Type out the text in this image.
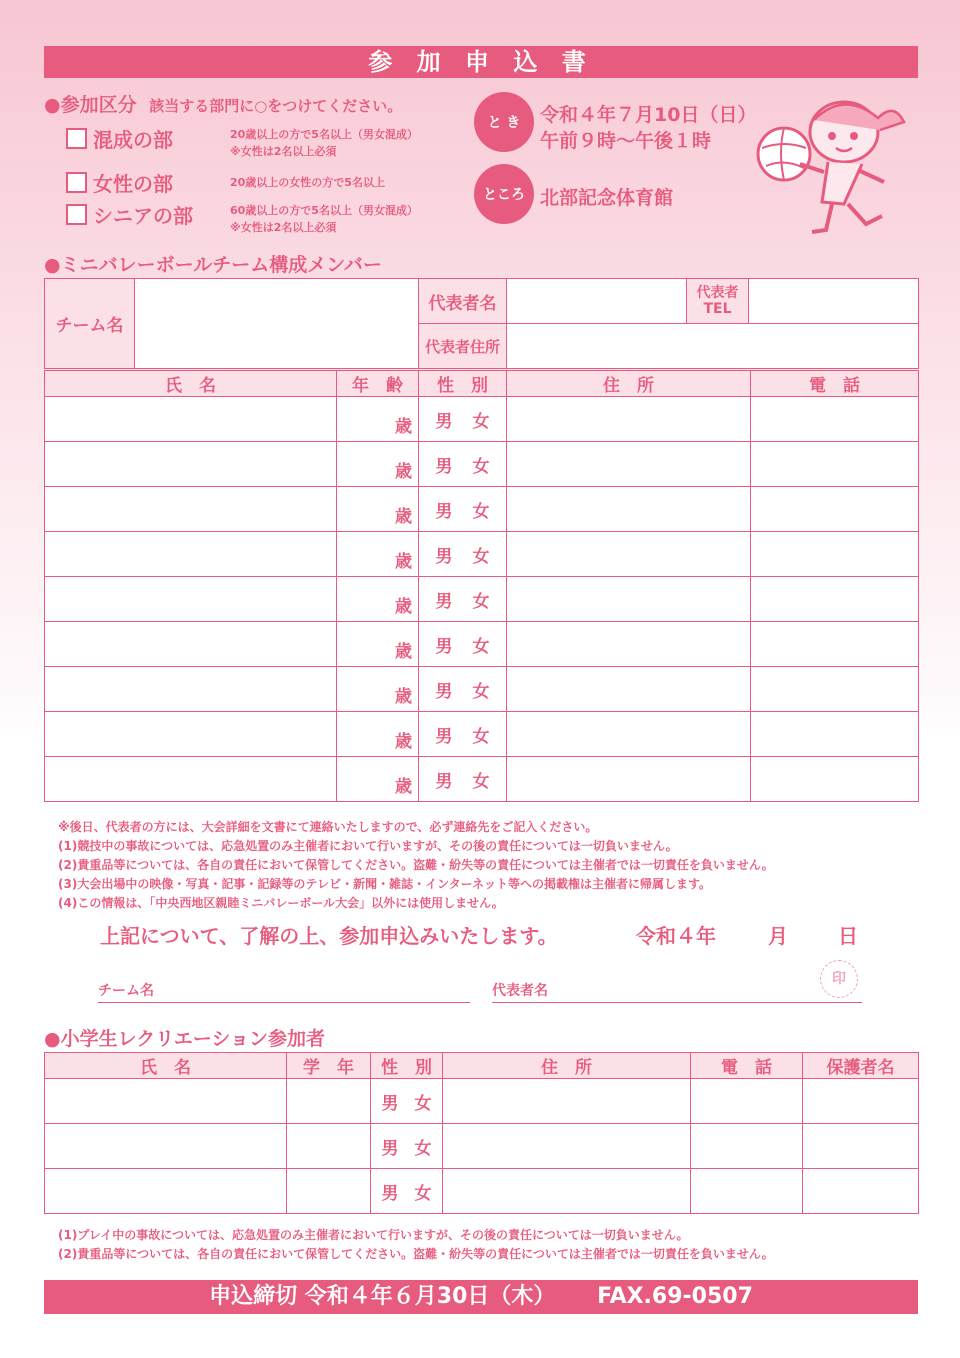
参 加 申 込 書
●参加区分 該当する部門に○をつけてください。
混成の部	20歳以上の方で5名以上（男女混成）
※女性は2名以上必須
女性の部	20歳以上の女性の方で5名以上
シニアの部	60歳以上の方で5名以上（男女混成）
※女性は2名以上必須
と き 令和４年７月10日（日）
午前９時～午後１時
ところ 北部記念体育館
●ミニバレーボールチーム構成メンバー
チーム名		代表者名		代表者
TEL	

		代表者住所			
氏　名	年　齢	性　別	住　所	電　話
	歳	男 女		
	歳	男 女		
	歳	男 女		
	歳	男 女		
	歳	男 女		
	歳	男 女		
	歳	男 女		
	歳	男 女		
	歳	男 女		
※後日、代表者の方には、大会詳細を文書にて連絡いたしますので、必ず連絡先をご記入ください。
(1)競技中の事故については、応急処置のみ主催者において行いますが、その後の責任については一切負いません。
(2)貴重品等については、各自の責任において保管してください。盗難・紛失等の責任については主催者では一切責任を負いません。
(3)大会出場中の映像・写真・記事・記録等のテレビ・新聞・雑誌・インターネット等への掲載権は主催者に帰属します。
(4)この情報は、「中央西地区親睦ミニバレーボール大会」以外には使用しません。
上記について、了解の上、参加申込みいたします。	令和４年	月	日
チーム名	代表者名
印
●小学生レクリエーション参加者
氏　名	学　年	性　別	住　所	電　話	保護者名
		男 女			
		男 女			
		男 女			
(1)プレイ中の事故については、応急処置のみ主催者において行いますが、その後の責任については一切負いません。
(2)貴重品等については、各自の責任において保管してください。盗難・紛失等の責任については主催者では一切責任を負いません。
申込締切 令和４年６月30日（木） FAX.69-0507
